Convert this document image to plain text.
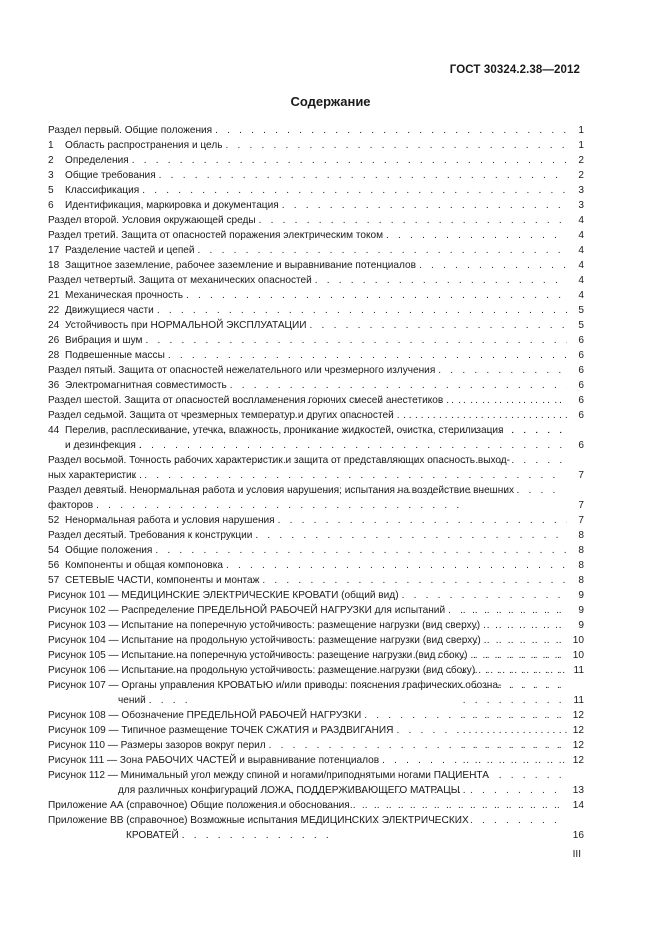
ГОСТ 30324.2.38—2012
Содержание
Раздел первый. Общие положения . . .	1
1	Область распространения и цель . . .	1
2	Определения . . .	2
3	Общие требования . . .	2
5	Классификация . . .	3
6	Идентификация, маркировка и документация . . .	3
Раздел второй. Условия окружающей среды . . .	4
Раздел третий. Защита от опасностей поражения электрическим током . . .	4
17 Разделение частей и цепей . . .	4
18 Защитное заземление, рабочее заземление и выравнивание потенциалов . . .	4
Раздел четвертый. Защита от механических опасностей . . .	4
21 Механическая прочность . . .	4
22 Движущиеся части . . .	5
24 Устойчивость при НОРМАЛЬНОЙ ЭКСПЛУАТАЦИИ . . .	5
26 Вибрация и шум . . .	6
28 Подвешенные массы . . .	6
Раздел пятый. Защита от опасностей нежелательного или чрезмерного излучения . . .	6
36 Электромагнитная совместимость . . .	6
Раздел шестой. Защита от опасностей воспламенения горючих смесей анестетиков . . .	6
Раздел седьмой. Защита от чрезмерных температур и других опасностей . . .	6
44 Перелив, расплескивание, утечка, влажность, проникание жидкостей, очистка, стерилизация
и дезинфекция . . .	6
Раздел восьмой. Точность рабочих характеристик и защита от представляющих опасность выход-
ных характеристик . . .	7
Раздел девятый. Ненормальная работа и условия нарушения; испытания на воздействие внешних
факторов . . .	7
52 Ненормальная работа и условия нарушения . . .	7
Раздел десятый. Требования к конструкции . . .	8
54 Общие положения . . .	8
56 Компоненты и общая компоновка . . .	8
57 СЕТЕВЫЕ ЧАСТИ, компоненты и монтаж . . .	8
Рисунок 101 — МЕДИЦИНСКИЕ ЭЛЕКТРИЧЕСКИЕ КРОВАТИ (общий вид) . . .	9
Рисунок 102 — Распределение ПРЕДЕЛЬНОЙ РАБОЧЕЙ НАГРУЗКИ для испытаний . . .	9
Рисунок 103 — Испытание на поперечную устойчивость: размещение нагрузки (вид сверху) . . .	9
Рисунок 104 — Испытание на продольную устойчивость: размещение нагрузки (вид сверху) . . .	10
Рисунок 105 — Испытание на поперечную устойчивость: разещение нагрузки (вид сбоку) . . .	10
Рисунок 106 — Испытание на продольную устойчивость: размещение нагрузки (вид сбоку) . . .	11
Рисунок 107 — Органы управления КРОВАТЬЮ и/или приводы: пояснения графических обозна-
чений . . .	11
Рисунок 108 — Обозначение ПРЕДЕЛЬНОЙ РАБОЧЕЙ НАГРУЗКИ . . .	12
Рисунок 109 — Типичное размещение ТОЧЕК СЖАТИЯ и РАЗДВИГАНИЯ . . .	12
Рисунок 110 — Размеры зазоров вокруг перил . . .	12
Рисунок 111 — Зона РАБОЧИХ ЧАСТЕЙ и выравнивание потенциалов . . .	12
Рисунок 112 — Минимальный угол между спиной и ногами/приподнятыми ногами ПАЦИЕНТА
для различных конфигураций ЛОЖА, ПОДДЕРЖИВАЮЩЕГО МАТРАЦЫ . . .	13
Приложение АА (справочное) Общие положения и обоснования . . .	14
Приложение ВВ (справочное) Возможные испытания МЕДИЦИНСКИХ ЭЛЕКТРИЧЕСКИХ
КРОВАТЕЙ . . .	16
III
